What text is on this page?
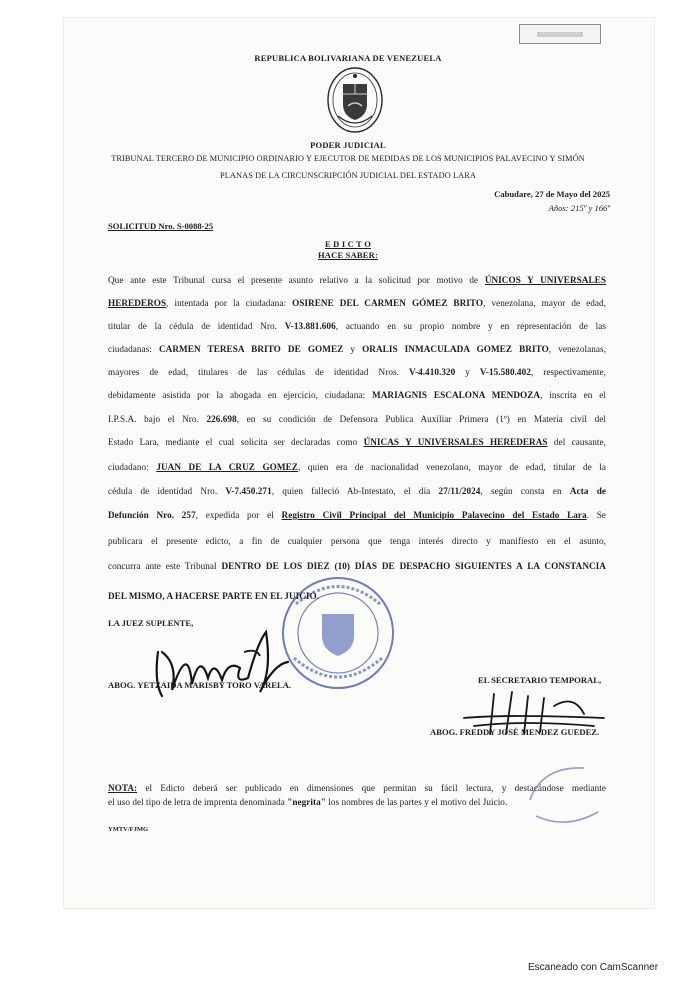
REPUBLICA BOLIVARIANA DE VENEZUELA
PODER JUDICIAL
TRIBUNAL TERCERO DE MUNICIPIO ORDINARIO Y EJECUTOR DE MEDIDAS DE LOS MUNICIPIOS PALAVECINO Y SIMÓN
PLANAS DE LA CIRCUNSCRIPCIÓN JUDICIAL DEL ESTADO LARA
Cabudare, 27 de Mayo del 2025
Años: 215º y 166º
SOLICITUD Nro. S-0088-25
E D I C T O
HACE SABER:
Que ante este Tribunal cursa el presente asunto relativo a la solicitud por motivo de ÚNICOS Y UNIVERSALES
HEREDEROS, intentada por la ciudadana: OSIRENE DEL CARMEN GÓMEZ BRITO, venezolana, mayor de edad,
titular de la cédula de identidad Nro. V-13.881.606, actuando en su propio nombre y en representación de las
ciudadanas: CARMEN TERESA BRITO DE GOMEZ y ORALIS INMACULADA GOMEZ BRITO, venezolanas,
mayores de edad, titulares de las cédulas de identidad Nros. V-4.410.320 y V-15.580.402, respectivamente,
debidamente asistida por la abogada en ejercicio, ciudadana: MARIAGNIS ESCALONA MENDOZA, inscrita en el
I.P.S.A. bajo el Nro. 226.698, en su condición de Defensora Publica Auxiliar Primera (1º) en Materia civil del
Estado Lara, mediante el cual solicita ser declaradas como ÚNICAS Y UNIVERSALES HEREDERAS del causante,
ciudadano: JUAN DE LA CRUZ GOMEZ, quien era de nacionalidad venezolano, mayor de edad, titular de la
cédula de identidad Nro. V-7.450.271, quien falleció Ab-Intestato, el día 27/11/2024, según consta en Acta de
Defunción Nro. 257, expedida por el Registro Civil Principal del Municipio Palavecino del Estado Lara. Se
publicara el presente edicto, a fin de cualquier persona que tenga interés directo y manifiesto en el asunto,
concurra ante este Tribunal DENTRO DE LOS DIEZ (10) DÍAS DE DESPACHO SIGUIENTES A LA CONSTANCIA
DEL MISMO, A HACERSE PARTE EN EL JUICIO.
LA JUEZ SUPLENTE,
ABOG. YETZAIDA MARISBY TORO VARELA.	EL SECRETARIO TEMPORAL,
ABOG. FREDDY JOSÉ MENDEZ GUEDEZ.
NOTA: el Edicto deberá ser publicado en dimensiones que permitan su fácil lectura, y destacándose mediante
el uso del tipo de letra de imprenta denominada "negrita" los nombres de las partes y el motivo del Juicio.
YMTV/FJMG
Escaneado con CamScanner
